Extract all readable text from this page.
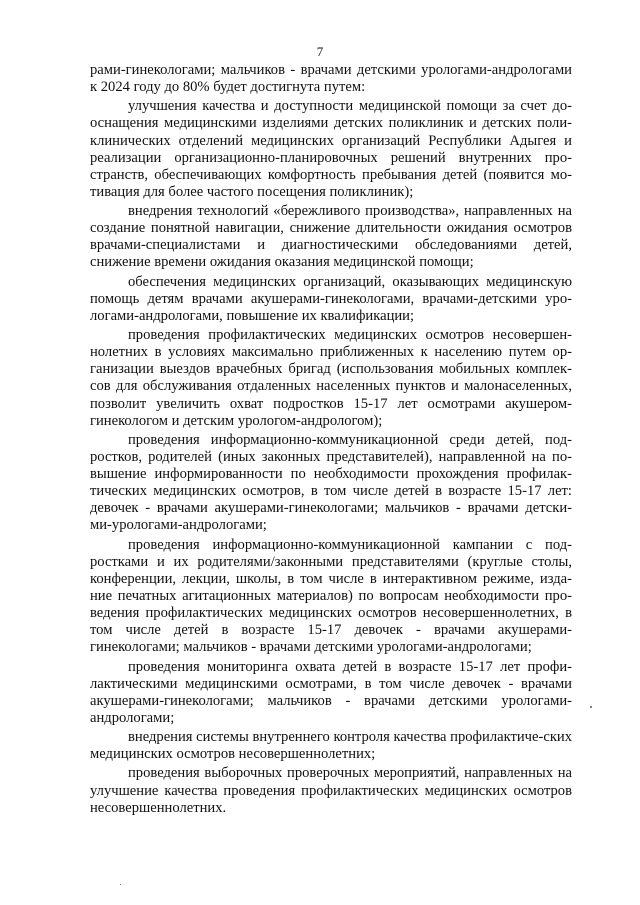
7

рами-гинекологами; мальчиков - врачами детскими урологами-андрологами к 2024 году до 80% будет достигнута путем:

улучшения качества и доступности медицинской помощи за счет до-оснащения медицинскими изделиями детских поликлиник и детских поли-клинических отделений медицинских организаций Республики Адыгея и реализации организационно-планировочных решений внутренних про-странств, обеспечивающих комфортность пребывания детей (появится мо-тивация для более частого посещения поликлиник);

внедрения технологий «бережливого производства», направленных на создание понятной навигации, снижение длительности ожидания осмотров врачами-специалистами и диагностическими обследованиями детей, снижение времени ожидания оказания медицинской помощи;

обеспечения медицинских организаций, оказывающих медицинскую помощь детям врачами акушерами-гинекологами, врачами-детскими уро-логами-андрологами, повышение их квалификации;

проведения профилактических медицинских осмотров несовершен-нолетних в условиях максимально приближенных к населению путем ор-ганизации выездов врачебных бригад (использования мобильных комплек-сов для обслуживания отдаленных населенных пунктов и малонаселенных, позволит увеличить охват подростков 15-17 лет осмотрами акушером-гинекологом и детским урологом-андрологом);

проведения информационно-коммуникационной среди детей, под-ростков, родителей (иных законных представителей), направленной на по-вышение информированности по необходимости прохождения профилак-тических медицинских осмотров, в том числе детей в возрасте 15-17 лет: девочек - врачами акушерами-гинекологами; мальчиков - врачами детски-ми-урологами-андрологами;

проведения информационно-коммуникационной кампании с под-ростками и их родителями/законными представителями (круглые столы, конференции, лекции, школы, в том числе в интерактивном режиме, изда-ние печатных агитационных материалов) по вопросам необходимости про-ведения профилактических медицинских осмотров несовершеннолетних, в том числе детей в возрасте 15-17 девочек - врачами акушерами-гинекологами; мальчиков - врачами детскими урологами-андрологами;

проведения мониторинга охвата детей в возрасте 15-17 лет профи-лактическими медицинскими осмотрами, в том числе девочек - врачами акушерами-гинекологами; мальчиков - врачами детскими урологами-андрологами;

внедрения системы внутреннего контроля качества профилактиче-ских медицинских осмотров несовершеннолетних;

проведения выборочных проверочных мероприятий, направленных на улучшение качества проведения профилактических медицинских осмотров несовершеннолетних.
